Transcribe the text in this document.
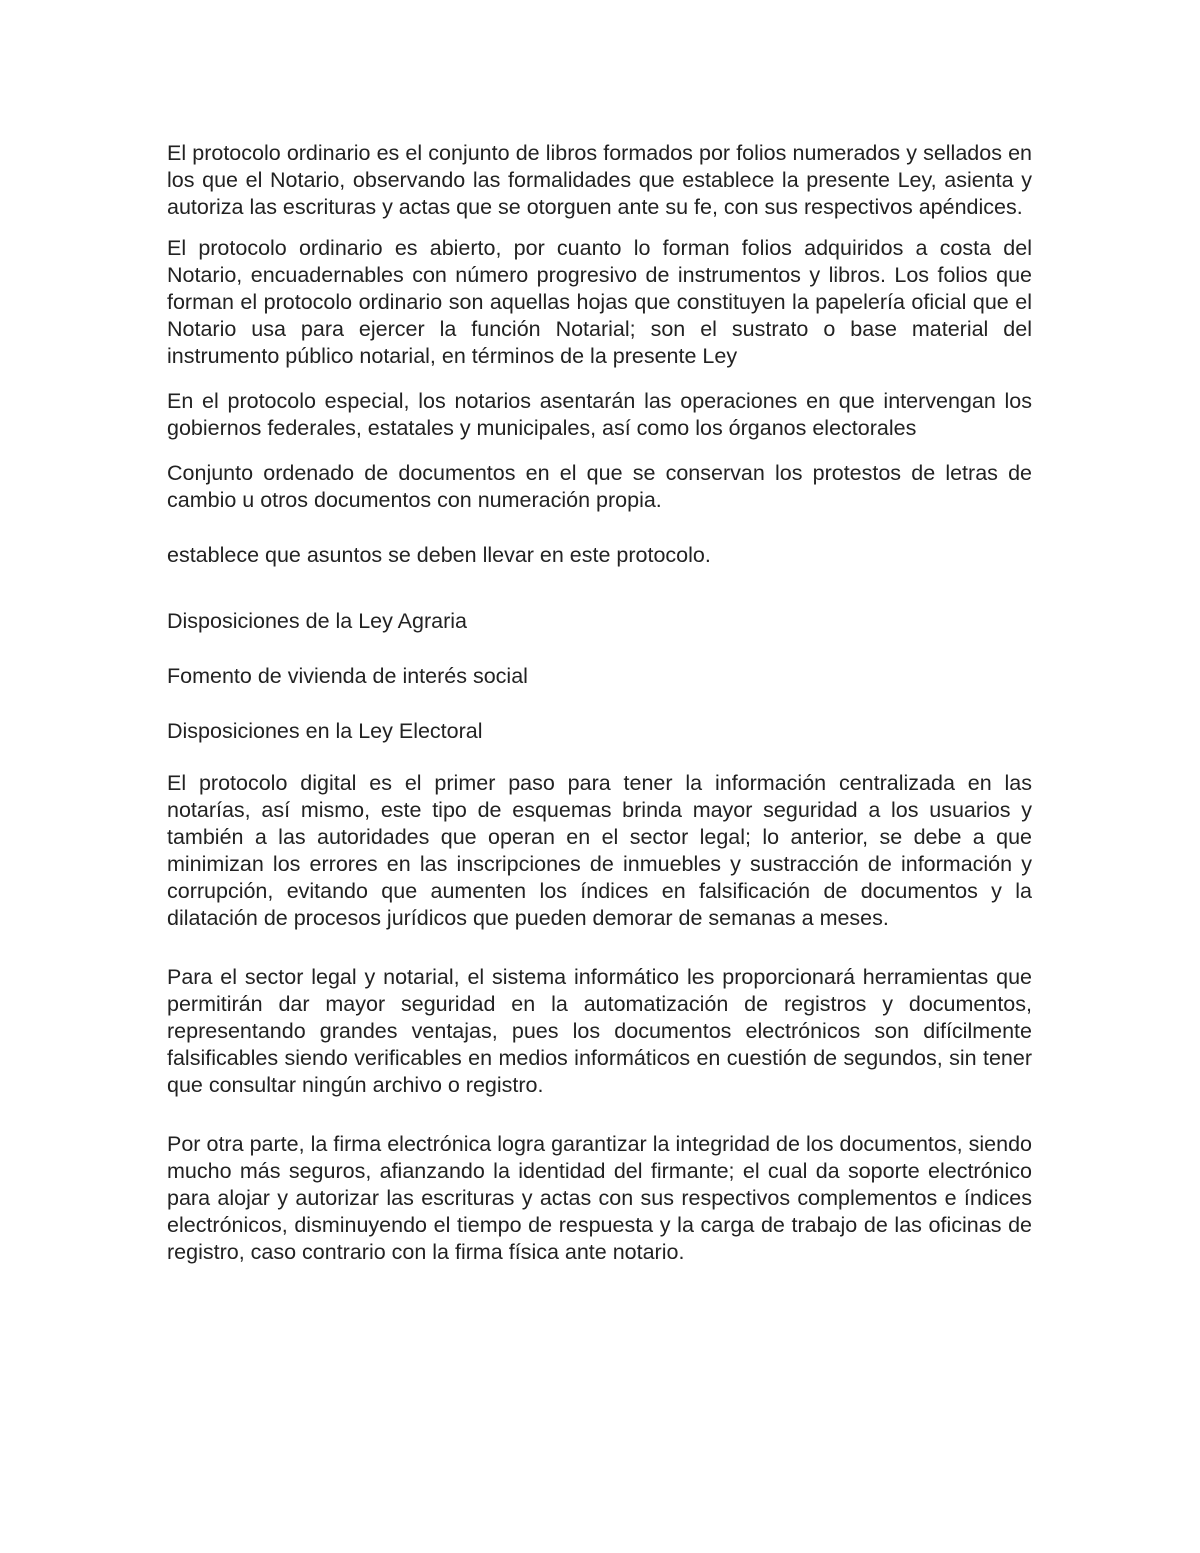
El protocolo ordinario es el conjunto de libros formados por folios numerados y sellados en los que el Notario, observando las formalidades que establece la presente Ley, asienta y autoriza las escrituras y actas que se otorguen ante su fe, con sus respectivos apéndices.

El protocolo ordinario es abierto, por cuanto lo forman folios adquiridos a costa del Notario, encuadernables con número progresivo de instrumentos y libros. Los folios que forman el protocolo ordinario son aquellas hojas que constituyen la papelería oficial que el Notario usa para ejercer la función Notarial; son el sustrato o base material del instrumento público notarial, en términos de la presente Ley

En el protocolo especial, los notarios asentarán las operaciones en que intervengan los gobiernos federales, estatales y municipales, así como los órganos electorales

Conjunto ordenado de documentos en el que se conservan los protestos de letras de cambio u otros documentos con numeración propia.

establece que asuntos se deben llevar en este protocolo.

Disposiciones de la Ley Agraria

Fomento de vivienda de interés social

Disposiciones en la Ley Electoral

El protocolo digital es el primer paso para tener la información centralizada en las notarías, así mismo, este tipo de esquemas brinda mayor seguridad a los usuarios y también a las autoridades que operan en el sector legal; lo anterior, se debe a que minimizan los errores en las inscripciones de inmuebles y sustracción de información y corrupción, evitando que aumenten los índices en falsificación de documentos y la dilatación de procesos jurídicos que pueden demorar de semanas a meses.

Para el sector legal y notarial, el sistema informático les proporcionará herramientas que permitirán dar mayor seguridad en la automatización de registros y documentos, representando grandes ventajas, pues los documentos electrónicos son difícilmente falsificables siendo verificables en medios informáticos en cuestión de segundos, sin tener que consultar ningún archivo o registro.

Por otra parte, la firma electrónica logra garantizar la integridad de los documentos, siendo mucho más seguros, afianzando la identidad del firmante; el cual da soporte electrónico para alojar y autorizar las escrituras y actas con sus respectivos complementos e índices electrónicos, disminuyendo el tiempo de respuesta y la carga de trabajo de las oficinas de registro, caso contrario con la firma física ante notario.
